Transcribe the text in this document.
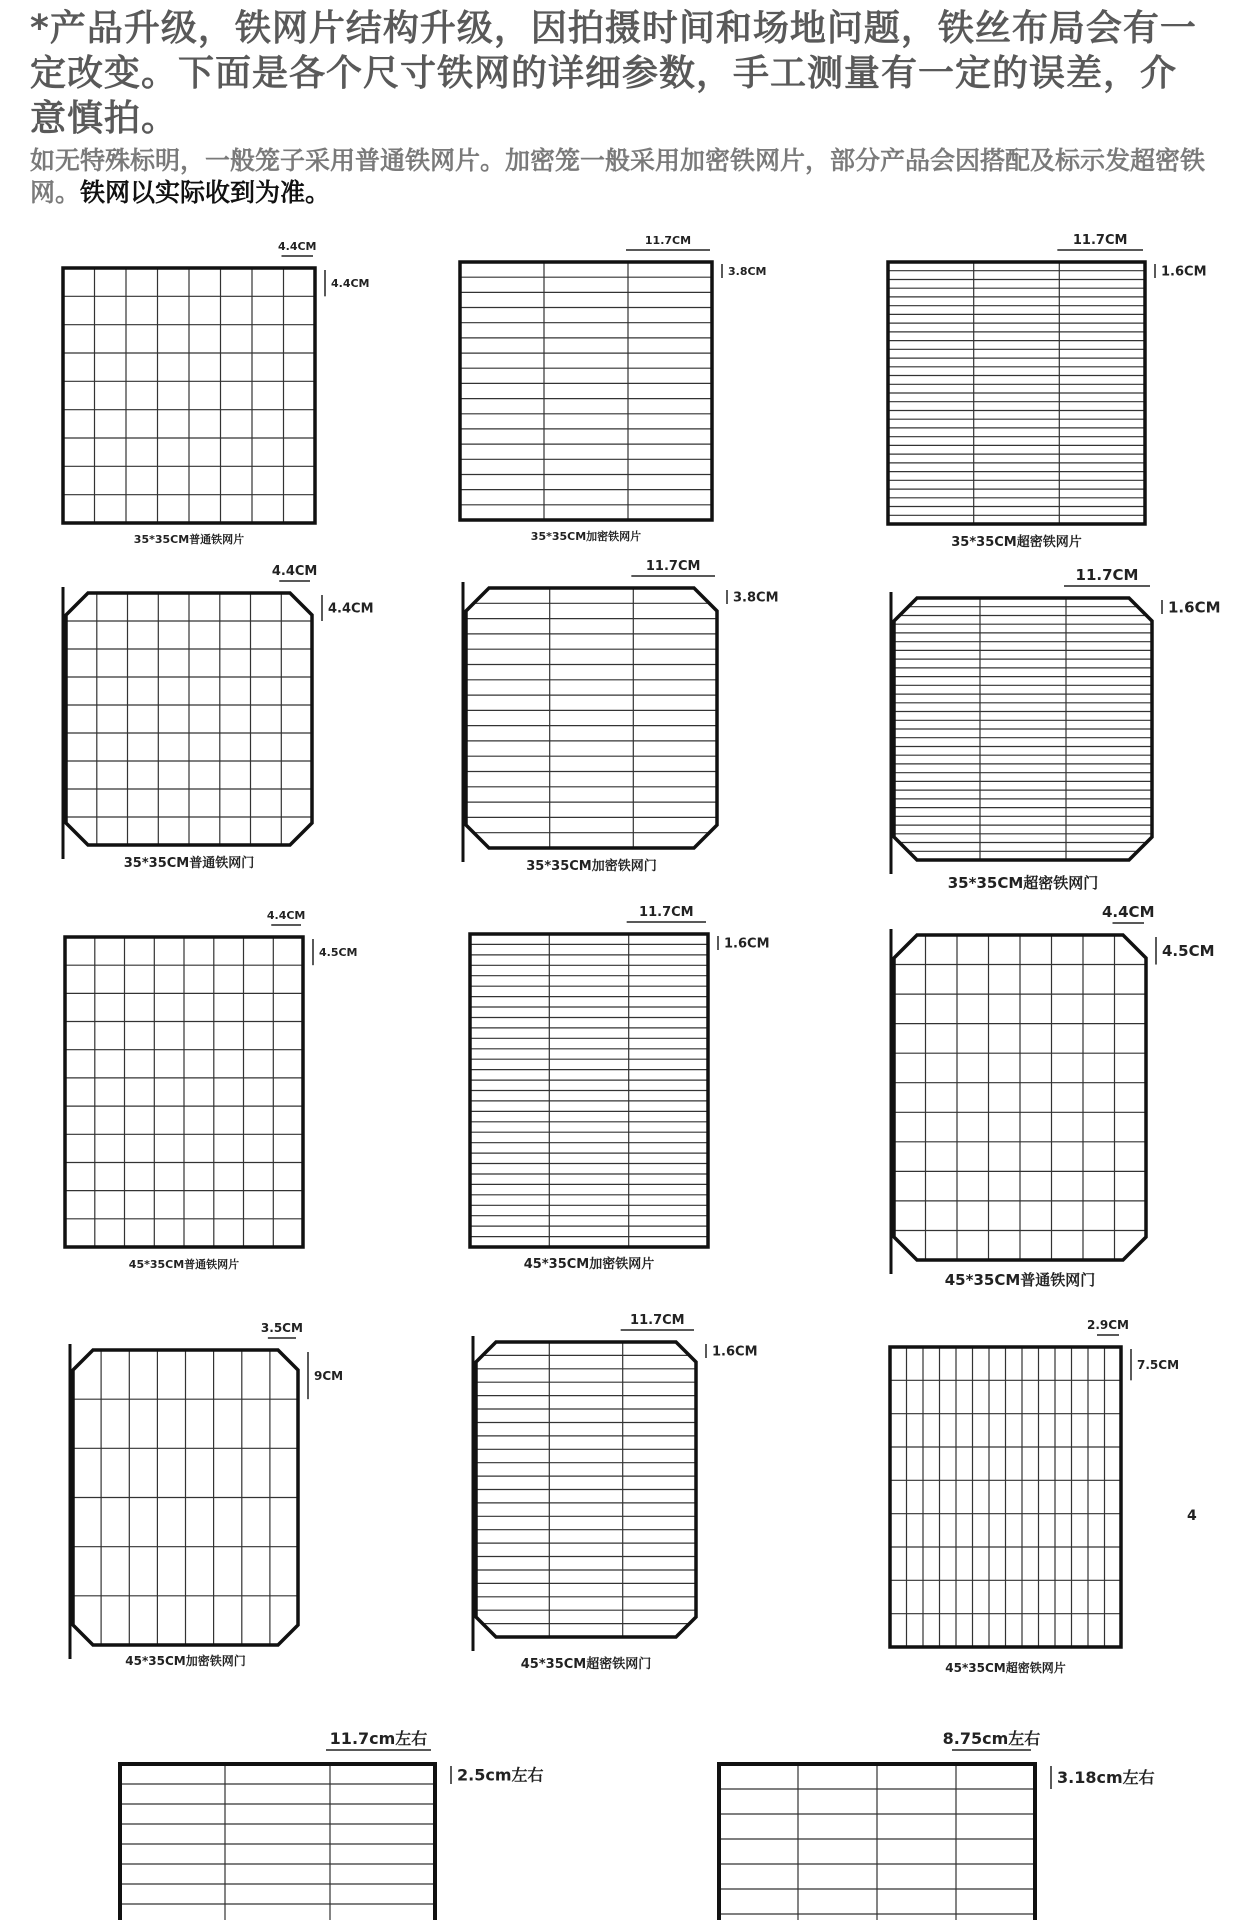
*产品升级，铁网片结构升级，因拍摄时间和场地问题，铁丝布局会有一定改变。下面是各个尺寸铁网的详细参数，手工测量有一定的误差，介意慎拍。
如无特殊标明，一般笼子采用普通铁网片。加密笼一般采用加密铁网片，部分产品会因搭配及标示发超密铁网。铁网以实际收到为准。
4.4CM
4.4CM
35*35CM普通铁网片
11.7CM
3.8CM
35*35CM加密铁网片
11.7CM
1.6CM
35*35CM超密铁网片
4.4CM
4.4CM
35*35CM普通铁网门
11.7CM
3.8CM
35*35CM加密铁网门
11.7CM
1.6CM
35*35CM超密铁网门
4.4CM
4.5CM
45*35CM普通铁网片
11.7CM
1.6CM
45*35CM加密铁网片
4.4CM
4.5CM
45*35CM普通铁网门
3.5CM
9CM
45*35CM加密铁网门
11.7CM
1.6CM
45*35CM超密铁网门
2.9CM
7.5CM
45*35CM超密铁网片
11.7cm左右
2.5cm左右
8.75cm左右
3.18cm左右
4
